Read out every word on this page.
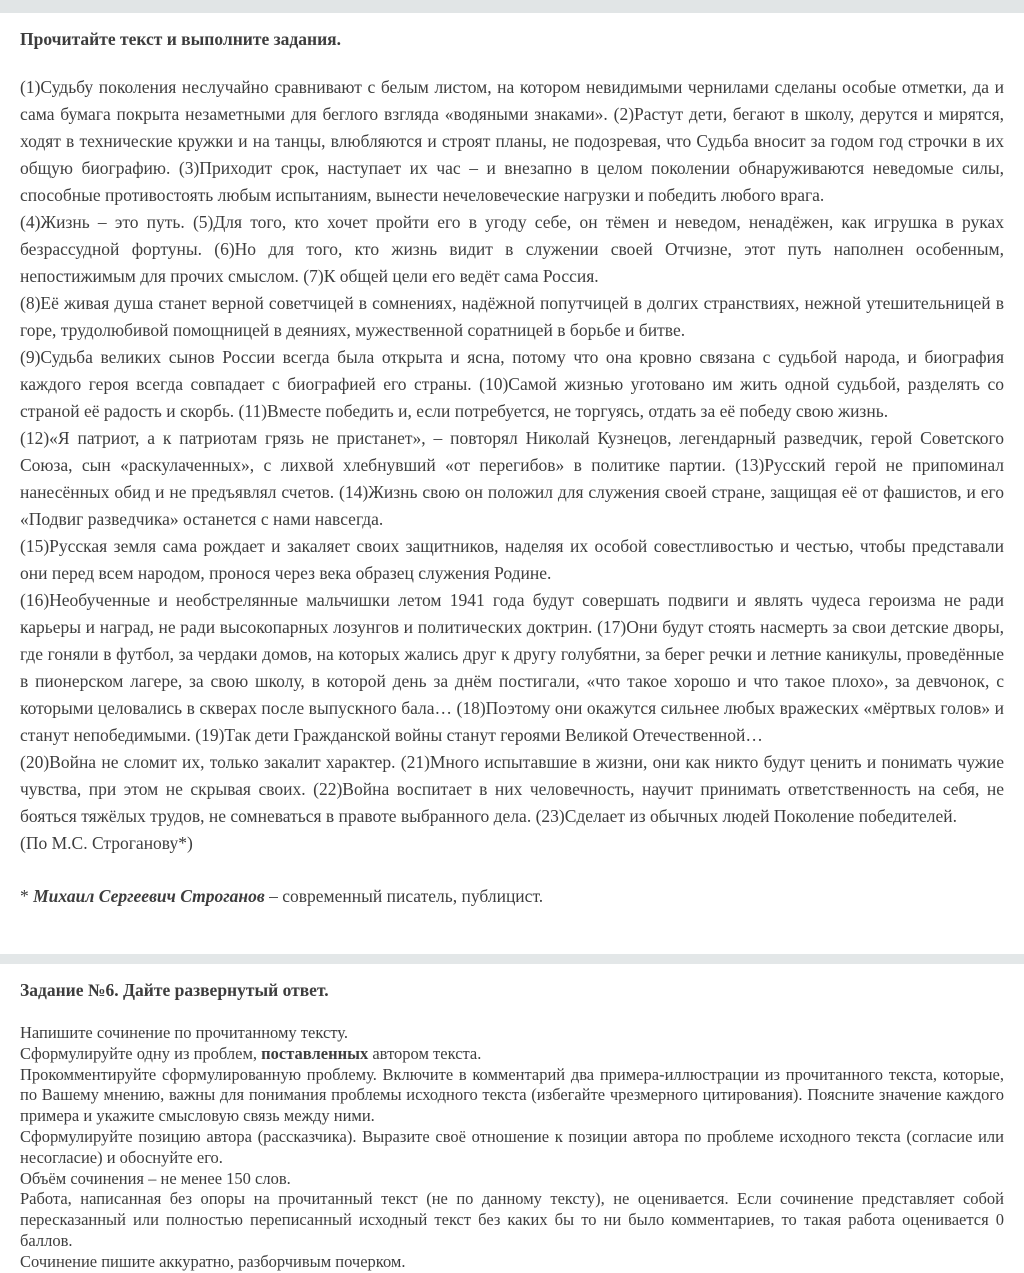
Прочитайте текст и выполните задания.

(1)Судьбу поколения неслучайно сравнивают с белым листом, на котором невидимыми чернилами сделаны особые отметки, да и сама бумага покрыта незаметными для беглого взгляда «водяными знаками». (2)Растут дети, бегают в школу, дерутся и мирятся, ходят в технические кружки и на танцы, влюбляются и строят планы, не подозревая, что Судьба вносит за годом год строчки в их общую биографию. (3)Приходит срок, наступает их час – и внезапно в целом поколении обнаруживаются неведомые силы, способные противостоять любым испытаниям, вынести нечеловеческие нагрузки и победить любого врага.

(4)Жизнь – это путь. (5)Для того, кто хочет пройти его в угоду себе, он тёмен и неведом, ненадёжен, как игрушка в руках безрассудной фортуны. (6)Но для того, кто жизнь видит в служении своей Отчизне, этот путь наполнен особенным, непостижимым для прочих смыслом. (7)К общей цели его ведёт сама Россия.

(8)Её живая душа станет верной советчицей в сомнениях, надёжной попутчицей в долгих странствиях, нежной утешительницей в горе, трудолюбивой помощницей в деяниях, мужественной соратницей в борьбе и битве.

(9)Судьба великих сынов России всегда была открыта и ясна, потому что она кровно связана с судьбой народа, и биография каждого героя всегда совпадает с биографией его страны. (10)Самой жизнью уготовано им жить одной судьбой, разделять со страной её радость и скорбь. (11)Вместе победить и, если потребуется, не торгуясь, отдать за её победу свою жизнь.

(12)«Я патриот, а к патриотам грязь не пристанет», – повторял Николай Кузнецов, легендарный разведчик, герой Советского Союза, сын «раскулаченных», с лихвой хлебнувший «от перегибов» в политике партии. (13)Русский герой не припоминал нанесённых обид и не предъявлял счетов. (14)Жизнь свою он положил для служения своей стране, защищая её от фашистов, и его «Подвиг разведчика» останется с нами навсегда.

(15)Русская земля сама рождает и закаляет своих защитников, наделяя их особой совестливостью и честью, чтобы представали они перед всем народом, пронося через века образец служения Родине.

(16)Необученные и необстрелянные мальчишки летом 1941 года будут совершать подвиги и являть чудеса героизма не ради карьеры и наград, не ради высокопарных лозунгов и политических доктрин. (17)Они будут стоять насмерть за свои детские дворы, где гоняли в футбол, за чердаки домов, на которых жались друг к другу голубятни, за берег речки и летние каникулы, проведённые в пионерском лагере, за свою школу, в которой день за днём постигали, «что такое хорошо и что такое плохо», за девчонок, с которыми целовались в скверах после выпускного бала… (18)Поэтому они окажутся сильнее любых вражеских «мёртвых голов» и станут непобедимыми. (19)Так дети Гражданской войны станут героями Великой Отечественной…

(20)Война не сломит их, только закалит характер. (21)Много испытавшие в жизни, они как никто будут ценить и понимать чужие чувства, при этом не скрывая своих. (22)Война воспитает в них человечность, научит принимать ответственность на себя, не бояться тяжёлых трудов, не сомневаться в правоте выбранного дела. (23)Сделает из обычных людей Поколение победителей.

(По М.С. Строганову*)

* Михаил Сергеевич Строганов – современный писатель, публицист.

Задание №6. Дайте развернутый ответ.

Напишите сочинение по прочитанному тексту.

Сформулируйте одну из проблем, поставленных автором текста.

Прокомментируйте сформулированную проблему. Включите в комментарий два примера-иллюстрации из прочитанного текста, которые, по Вашему мнению, важны для понимания проблемы исходного текста (избегайте чрезмерного цитирования). Поясните значение каждого примера и укажите смысловую связь между ними.

Сформулируйте позицию автора (рассказчика). Выразите своё отношение к позиции автора по проблеме исходного текста (согласие или несогласие) и обоснуйте его.

Объём сочинения – не менее 150 слов.

Работа, написанная без опоры на прочитанный текст (не по данному тексту), не оценивается. Если сочинение представляет собой пересказанный или полностью переписанный исходный текст без каких бы то ни было комментариев, то такая работа оценивается 0 баллов.

Сочинение пишите аккуратно, разборчивым почерком.
